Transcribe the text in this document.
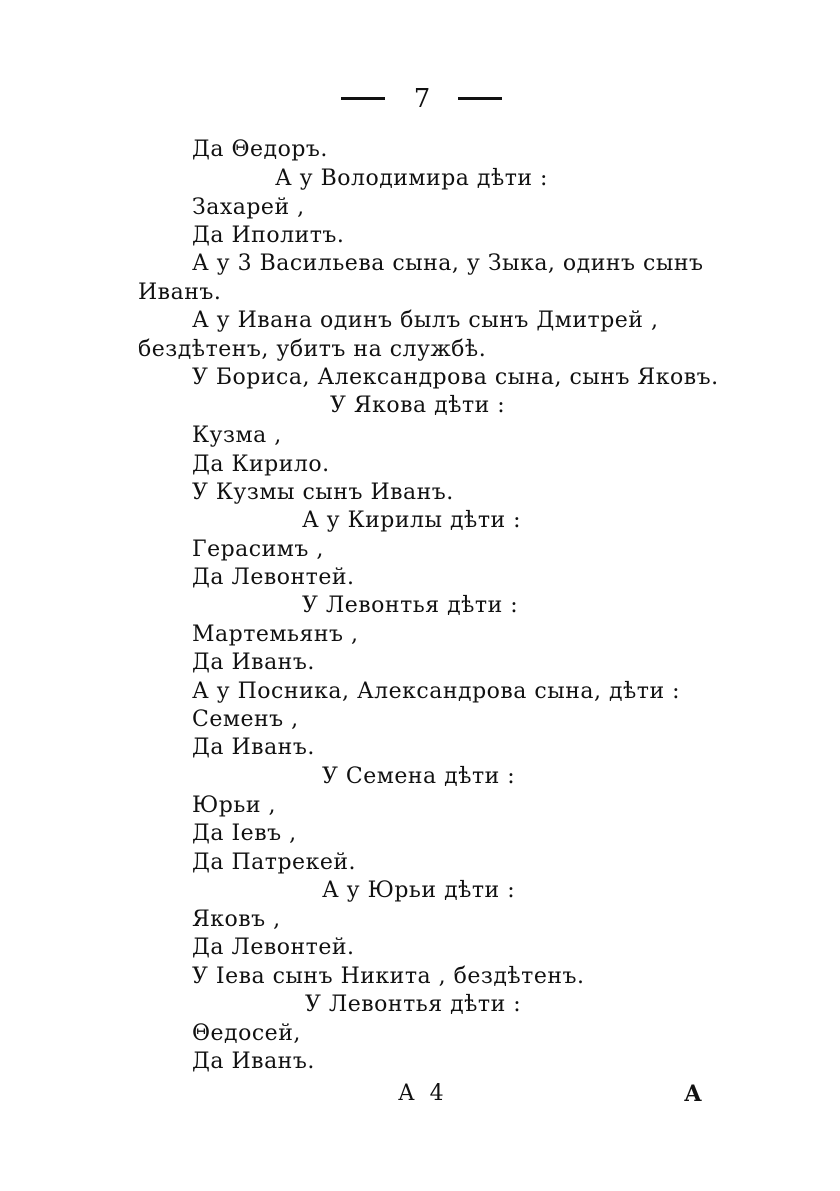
7
Да Θедоръ.
А у Володимира дѣти :
Захарей ,
Да Иполитъ.
А у 3 Васильева сына, у Зыка, одинъ сынъ
Иванъ.
А у Ивана одинъ былъ сынъ Дмитрей ,
бездѣтенъ, убитъ на службѣ.
У Бориса, Александрова сына, сынъ Яковъ.
У Якова дѣти :
Кузма ,
Да Кирило.
У Кузмы сынъ Иванъ.
А у Кирилы дѣти :
Герасимъ ,
Да Левонтей.
У Левонтья дѣти :
Мартемьянъ ,
Да Иванъ.
А у Посника, Александрова сына, дѣти :
Семенъ ,
Да Иванъ.
У Семена дѣти :
Юрьи ,
Да Іевъ ,
Да Патрекей.
А у Юрьи дѣти :
Яковъ ,
Да Левонтей.
У Іева сынъ Никита , бездѣтенъ.
У Левонтья дѣти :
Θедосей,
Да Иванъ.
А 4	А
